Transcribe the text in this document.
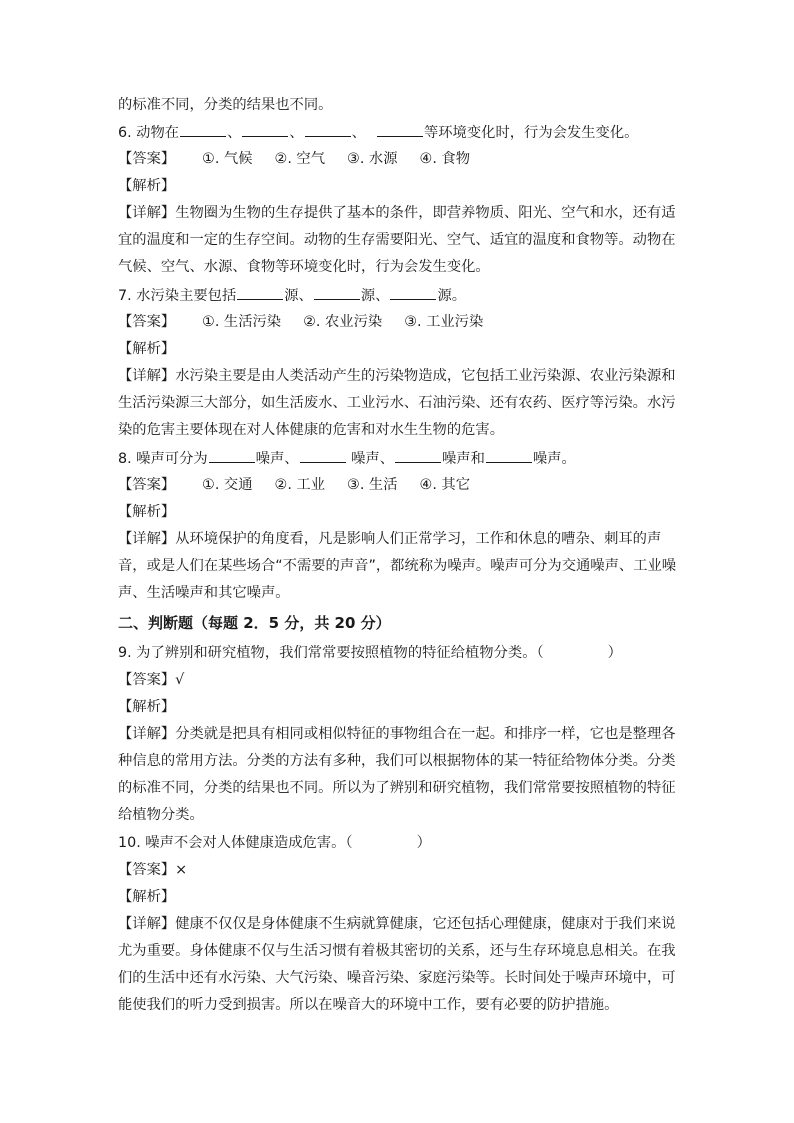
的标准不同，分类的结果也不同。
6. 动物在	、	、	、	等环境变化时，行为会发生变化。
【答案】 ①. 气候 ②. 空气 ③. 水源 ④. 食物
【解析】
【详解】生物圈为生物的生存提供了基本的条件，即营养物质、阳光、空气和水，还有适
宜的温度和一定的生存空间。动物的生存需要阳光、空气、适宜的温度和食物等。动物在
气候、空气、水源、食物等环境变化时，行为会发生变化。
7. 水污染主要包括	源、	源、	源。
【答案】 ①. 生活污染 ②. 农业污染 ③. 工业污染
【解析】
【详解】水污染主要是由人类活动产生的污染物造成，它包括工业污染源、农业污染源和
生活污染源三大部分，如生活废水、工业污水、石油污染、还有农药、医疗等污染。水污
染的危害主要体现在对人体健康的危害和对水生生物的危害。
8. 噪声可分为	噪声、	噪声、	噪声和	噪声。
【答案】 ①. 交通 ②. 工业 ③. 生活 ④. 其它
【解析】
【详解】从环境保护的角度看，凡是影响人们正常学习，工作和休息的嘈杂、刺耳的声
音，或是人们在某些场合“不需要的声音”，都统称为噪声。噪声可分为交通噪声、工业噪
声、生活噪声和其它噪声。
二、判断题（每题 2．5 分，共 20 分）
9. 为了辨别和研究植物，我们常常要按照植物的特征给植物分类。（	）
【答案】√
【解析】
【详解】分类就是把具有相同或相似特征的事物组合在一起。和排序一样，它也是整理各
种信息的常用方法。分类的方法有多种，我们可以根据物体的某一特征给物体分类。分类
的标准不同，分类的结果也不同。所以为了辨别和研究植物，我们常常要按照植物的特征
给植物分类。
10. 噪声不会对人体健康造成危害。（	）
【答案】×
【解析】
【详解】健康不仅仅是身体健康不生病就算健康，它还包括心理健康，健康对于我们来说
尤为重要。身体健康不仅与生活习惯有着极其密切的关系，还与生存环境息息相关。在我
们的生活中还有水污染、大气污染、噪音污染、家庭污染等。长时间处于噪声环境中，可
能使我们的听力受到损害。所以在噪音大的环境中工作，要有必要的防护措施。
